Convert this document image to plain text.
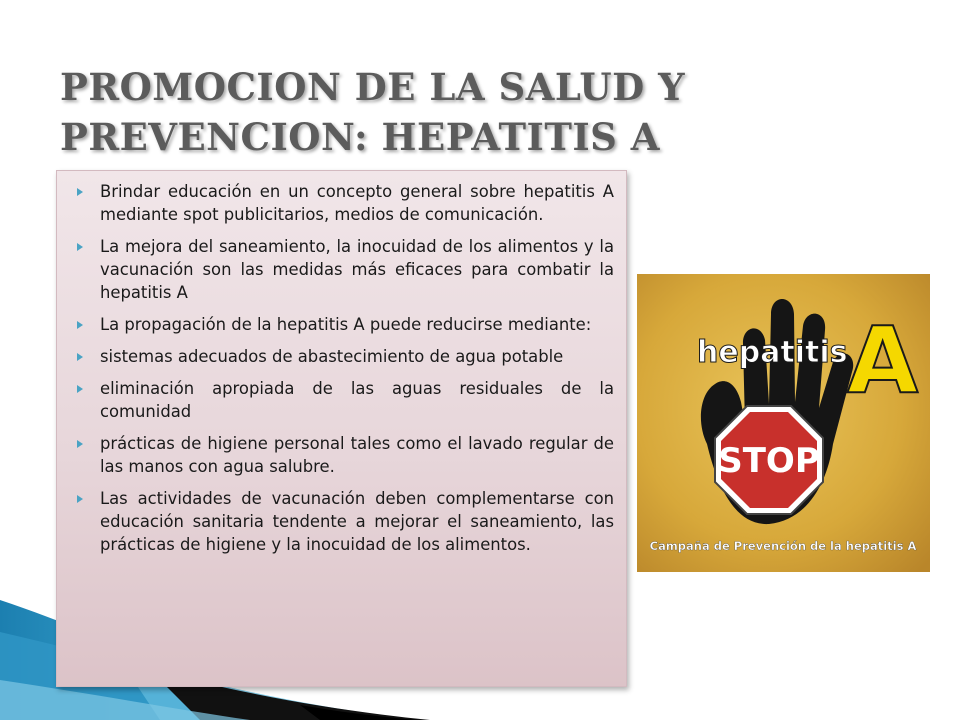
PROMOCION DE LA SALUD Y
PREVENCION: HEPATITIS A
Brindar educación en un concepto general sobre hepatitis A mediante spot publicitarios, medios de comunicación.
La mejora del saneamiento, la inocuidad de los alimentos y la vacunación son las medidas más eficaces para combatir la hepatitis A
La propagación de la hepatitis A puede reducirse mediante:
sistemas adecuados de abastecimiento de agua potable
eliminación apropiada de las aguas residuales de la comunidad
prácticas de higiene personal tales como el lavado regular de las manos con agua salubre.
Las actividades de vacunación deben complementarse con educación sanitaria tendente a mejorar el saneamiento, las prácticas de higiene y la inocuidad de los alimentos.
hepatitis A
STOP
Campaña de Prevención de la hepatitis A
